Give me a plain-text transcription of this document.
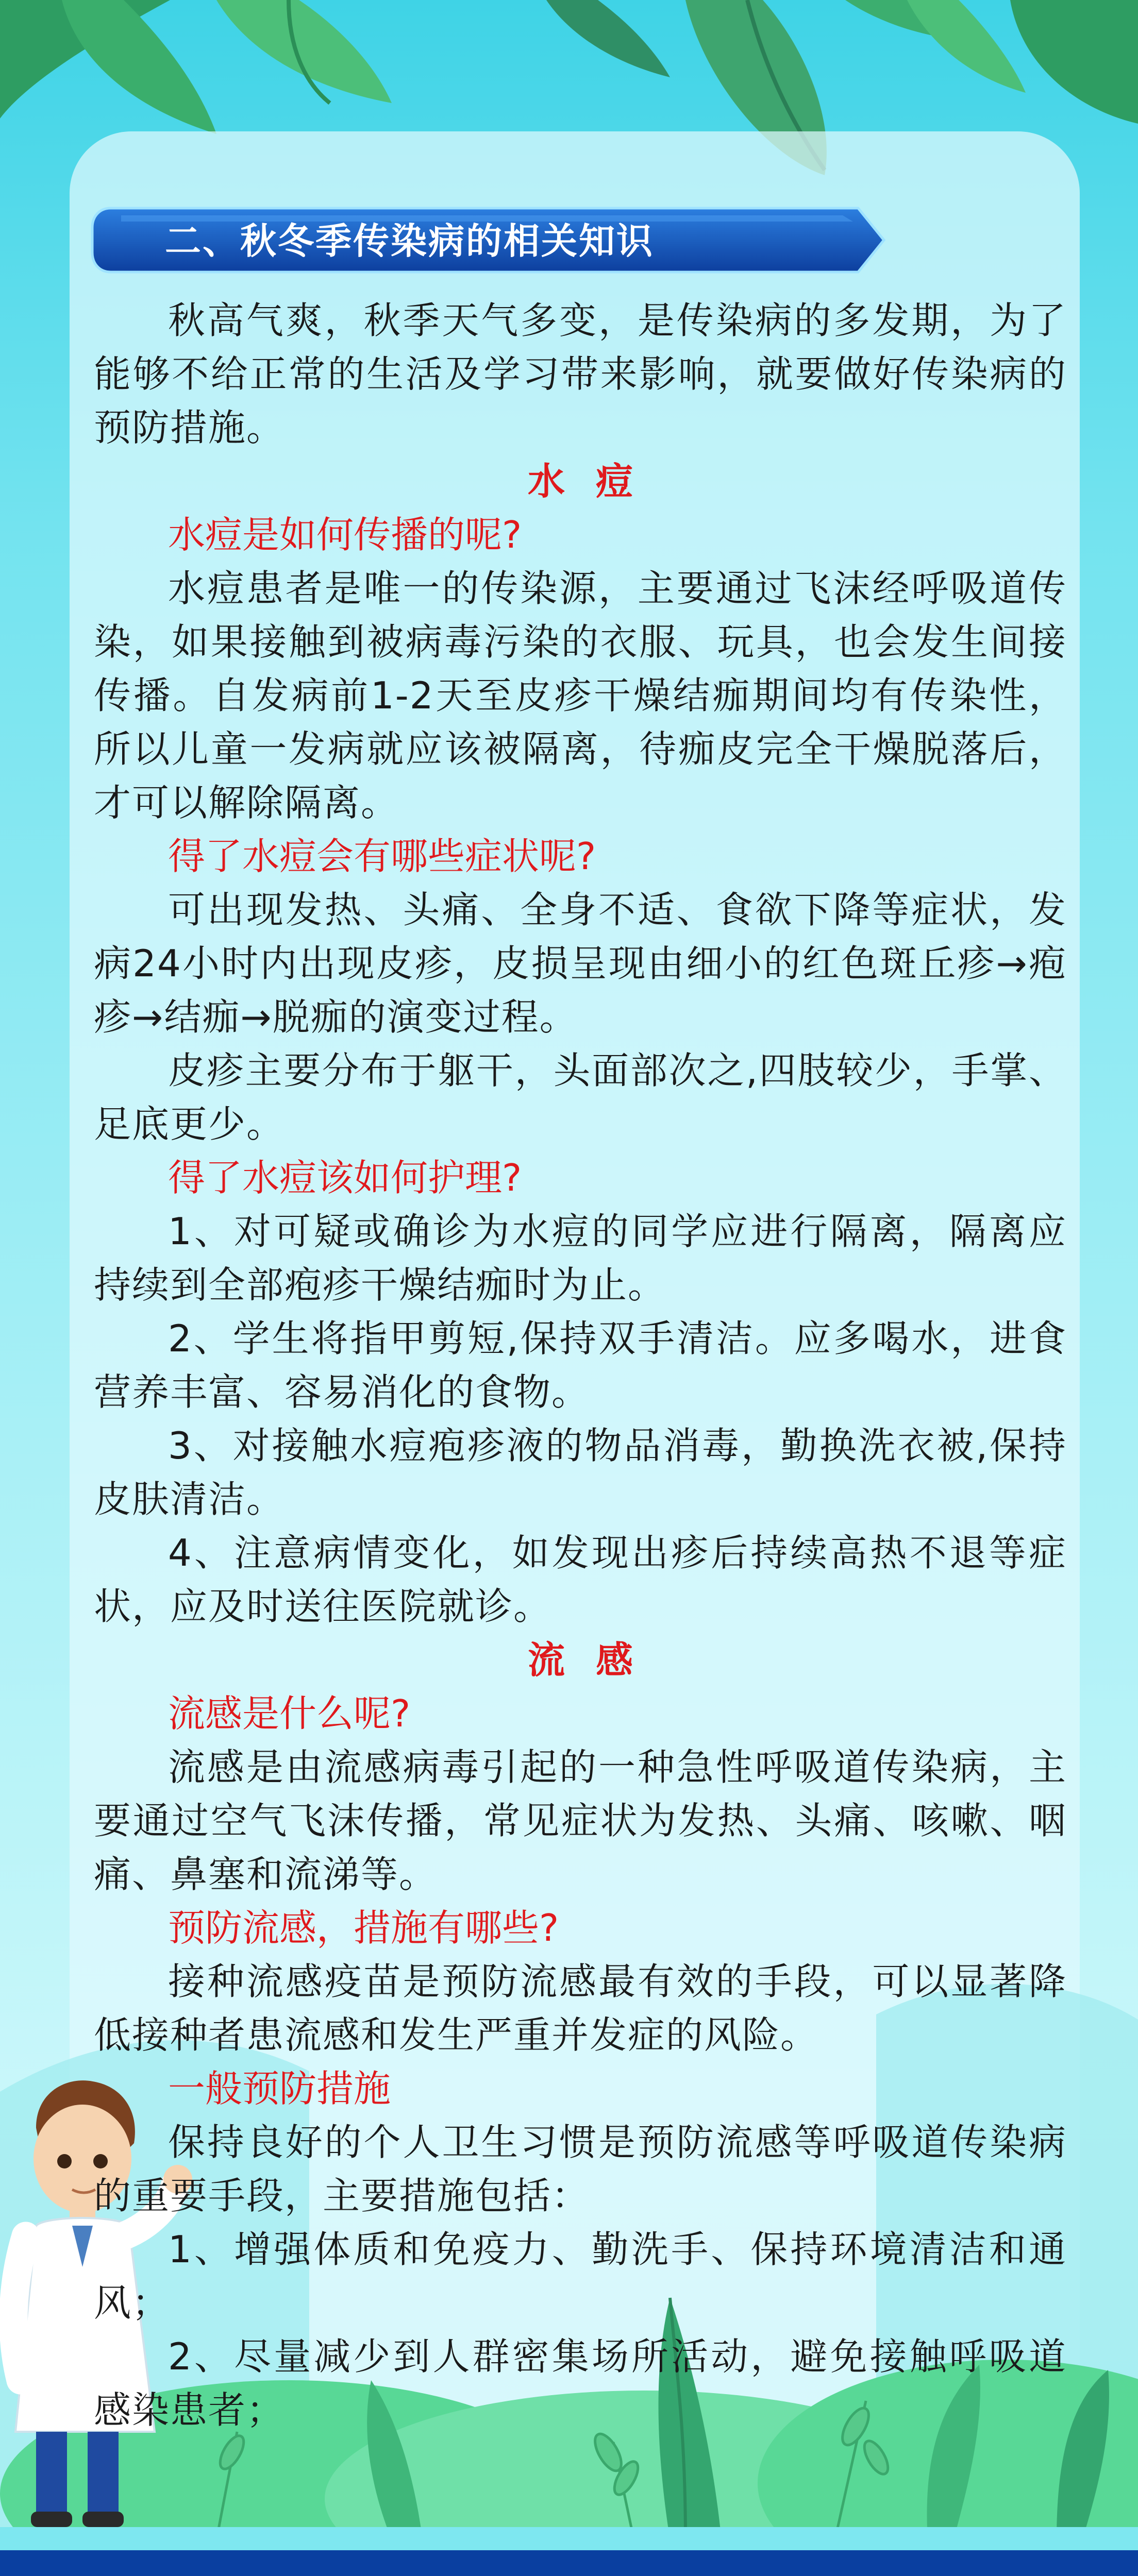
二、秋冬季传染病的相关知识

秋高气爽，秋季天气多变，是传染病的多发期，为了能够不给正常的生活及学习带来影响，就要做好传染病的预防措施。

水痘

水痘是如何传播的呢?

水痘患者是唯一的传染源，主要通过飞沫经呼吸道传染，如果接触到被病毒污染的衣服、玩具，也会发生间接传播。自发病前1-2天至皮疹干燥结痂期间均有传染性，所以儿童一发病就应该被隔离，待痂皮完全干燥脱落后，才可以解除隔离。

得了水痘会有哪些症状呢?

可出现发热、头痛、全身不适、食欲下降等症状，发病24小时内出现皮疹，皮损呈现由细小的红色斑丘疹→疱疹→结痂→脱痂的演变过程。

皮疹主要分布于躯干，头面部次之,四肢较少，手掌、足底更少。

得了水痘该如何护理?

1、对可疑或确诊为水痘的同学应进行隔离，隔离应持续到全部疱疹干燥结痂时为止。

2、学生将指甲剪短,保持双手清洁。应多喝水，进食营养丰富、容易消化的食物。

3、对接触水痘疱疹液的物品消毒，勤换洗衣被,保持皮肤清洁。

4、注意病情变化，如发现出疹后持续高热不退等症状，应及时送往医院就诊。

流感

流感是什么呢?

流感是由流感病毒引起的一种急性呼吸道传染病，主要通过空气飞沫传播，常见症状为发热、头痛、咳嗽、咽痛、鼻塞和流涕等。

预防流感，措施有哪些?

接种流感疫苗是预防流感最有效的手段，可以显著降低接种者患流感和发生严重并发症的风险。

一般预防措施

保持良好的个人卫生习惯是预防流感等呼吸道传染病的重要手段，主要措施包括：

1、增强体质和免疫力、勤洗手、保持环境清洁和通风；

2、尽量减少到人群密集场所活动，避免接触呼吸道感染患者；
